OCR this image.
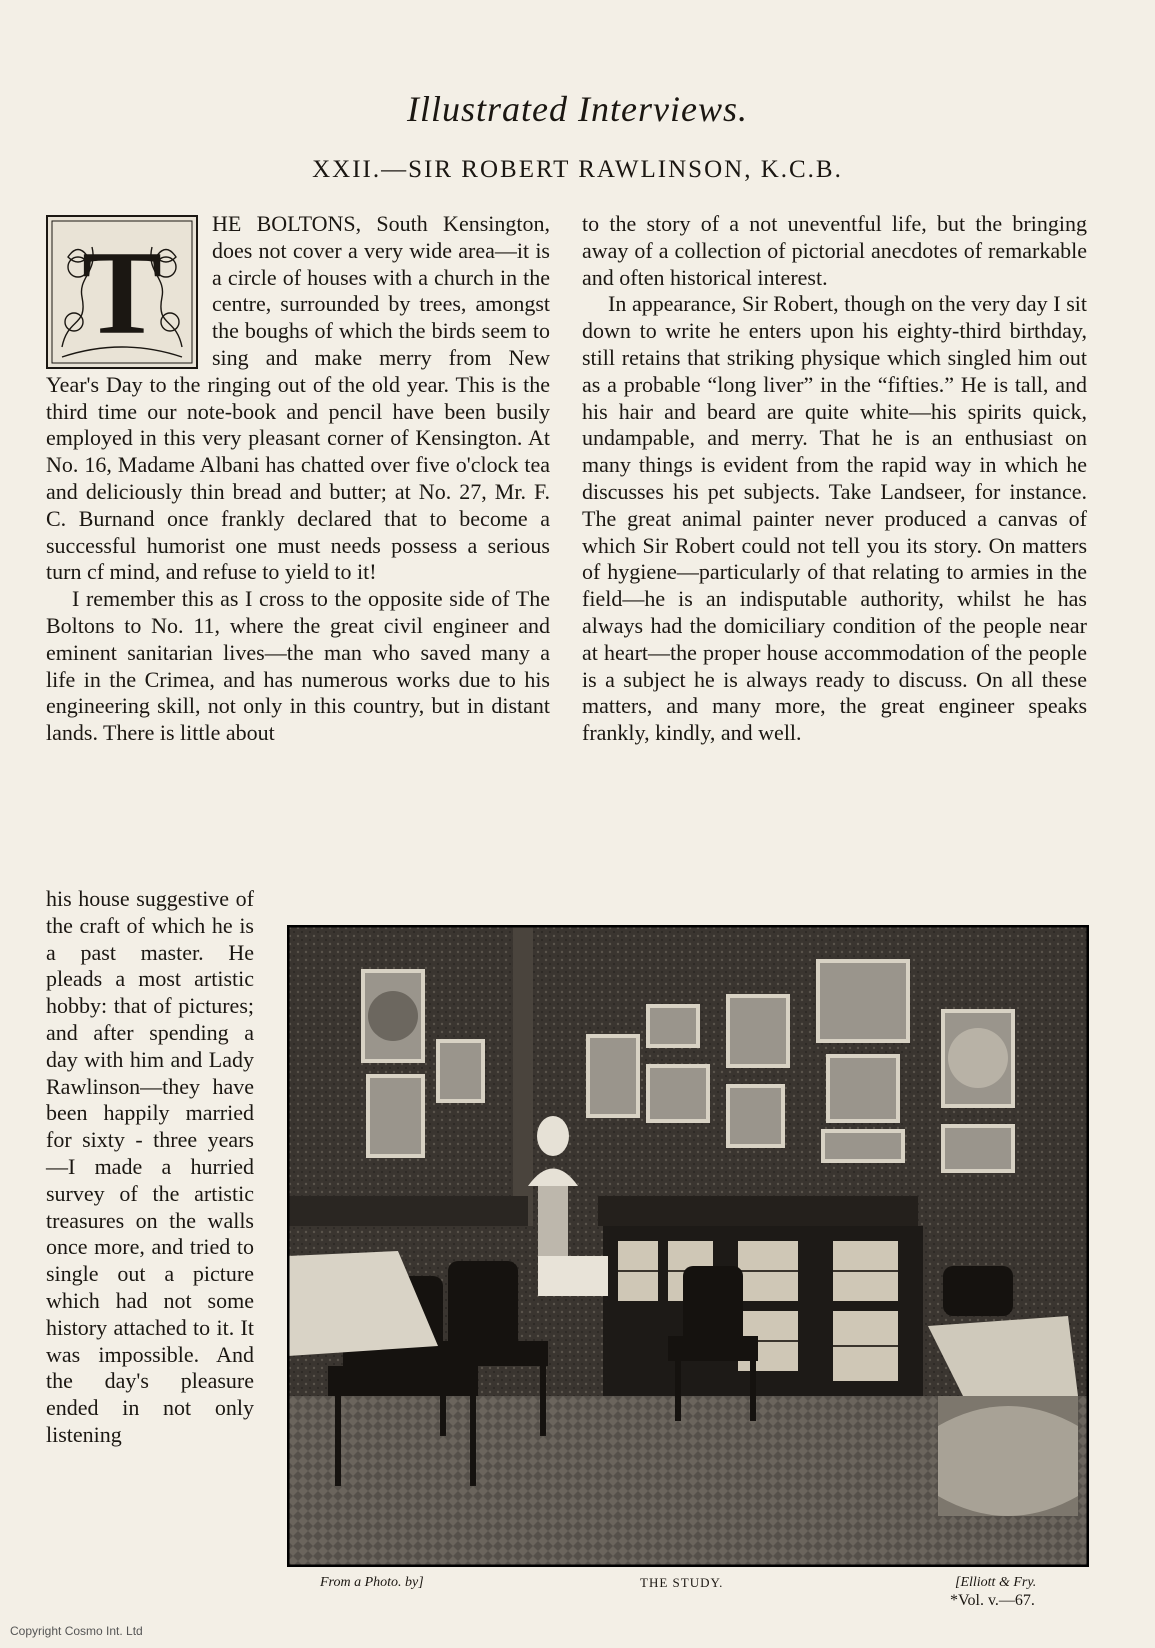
Illustrated Interviews.
XXII.—SIR ROBERT RAWLINSON, K.C.B.
T

HE BOLTONS, South Kensington, does not cover a very wide area—it is a circle of houses with a church in the centre, surrounded by trees, amongst the boughs of which the birds seem to sing and make merry from New Year's Day to the ringing out of the old year. This is the third time our note-book and pencil have been busily employed in this very pleasant corner of Kensington. At No. 16, Madame Albani has chatted over five o'clock tea and deliciously thin bread and butter; at No. 27, Mr. F. C. Burnand once frankly declared that to become a successful humorist one must needs possess a serious turn cf mind, and refuse to yield to it!

I remember this as I cross to the opposite side of The Boltons to No. 11, where the great civil engineer and eminent sanitarian lives—the man who saved many a life in the Crimea, and has numerous works due to his engineering skill, not only in this country, but in distant lands. There is little about

to the story of a not uneventful life, but the bringing away of a collection of pictorial anecdotes of remarkable and often historical interest.

In appearance, Sir Robert, though on the very day I sit down to write he enters upon his eighty-third birthday, still retains that striking physique which singled him out as a probable “long liver” in the “fifties.” He is tall, and his hair and beard are quite white—his spirits quick, undampable, and merry. That he is an enthusiast on many things is evident from the rapid way in which he discusses his pet subjects. Take Landseer, for instance. The great animal painter never produced a canvas of which Sir Robert could not tell you its story. On matters of hygiene—particularly of that relating to armies in the field—he is an indisputable authority, whilst he has always had the domiciliary condition of the people near at heart—the proper house accommodation of the people is a subject he is always ready to discuss. On all these matters, and many more, the great engineer speaks frankly, kindly, and well.

his house suggestive of the craft of which he is a past master. He pleads a most artistic hobby: that of pictures; and after spending a day with him and Lady Rawlinson—they have been happily married for sixty - three years—I made a hurried survey of the artistic treasures on the walls once more, and tried to single out a picture which had not some history attached to it. It was impossible. And the day's pleasure ended in not only listening

From a Photo. by]	THE STUDY.	[Elliott & Fry.
*Vol. v.—67.
Copyright Cosmo Int. Ltd
